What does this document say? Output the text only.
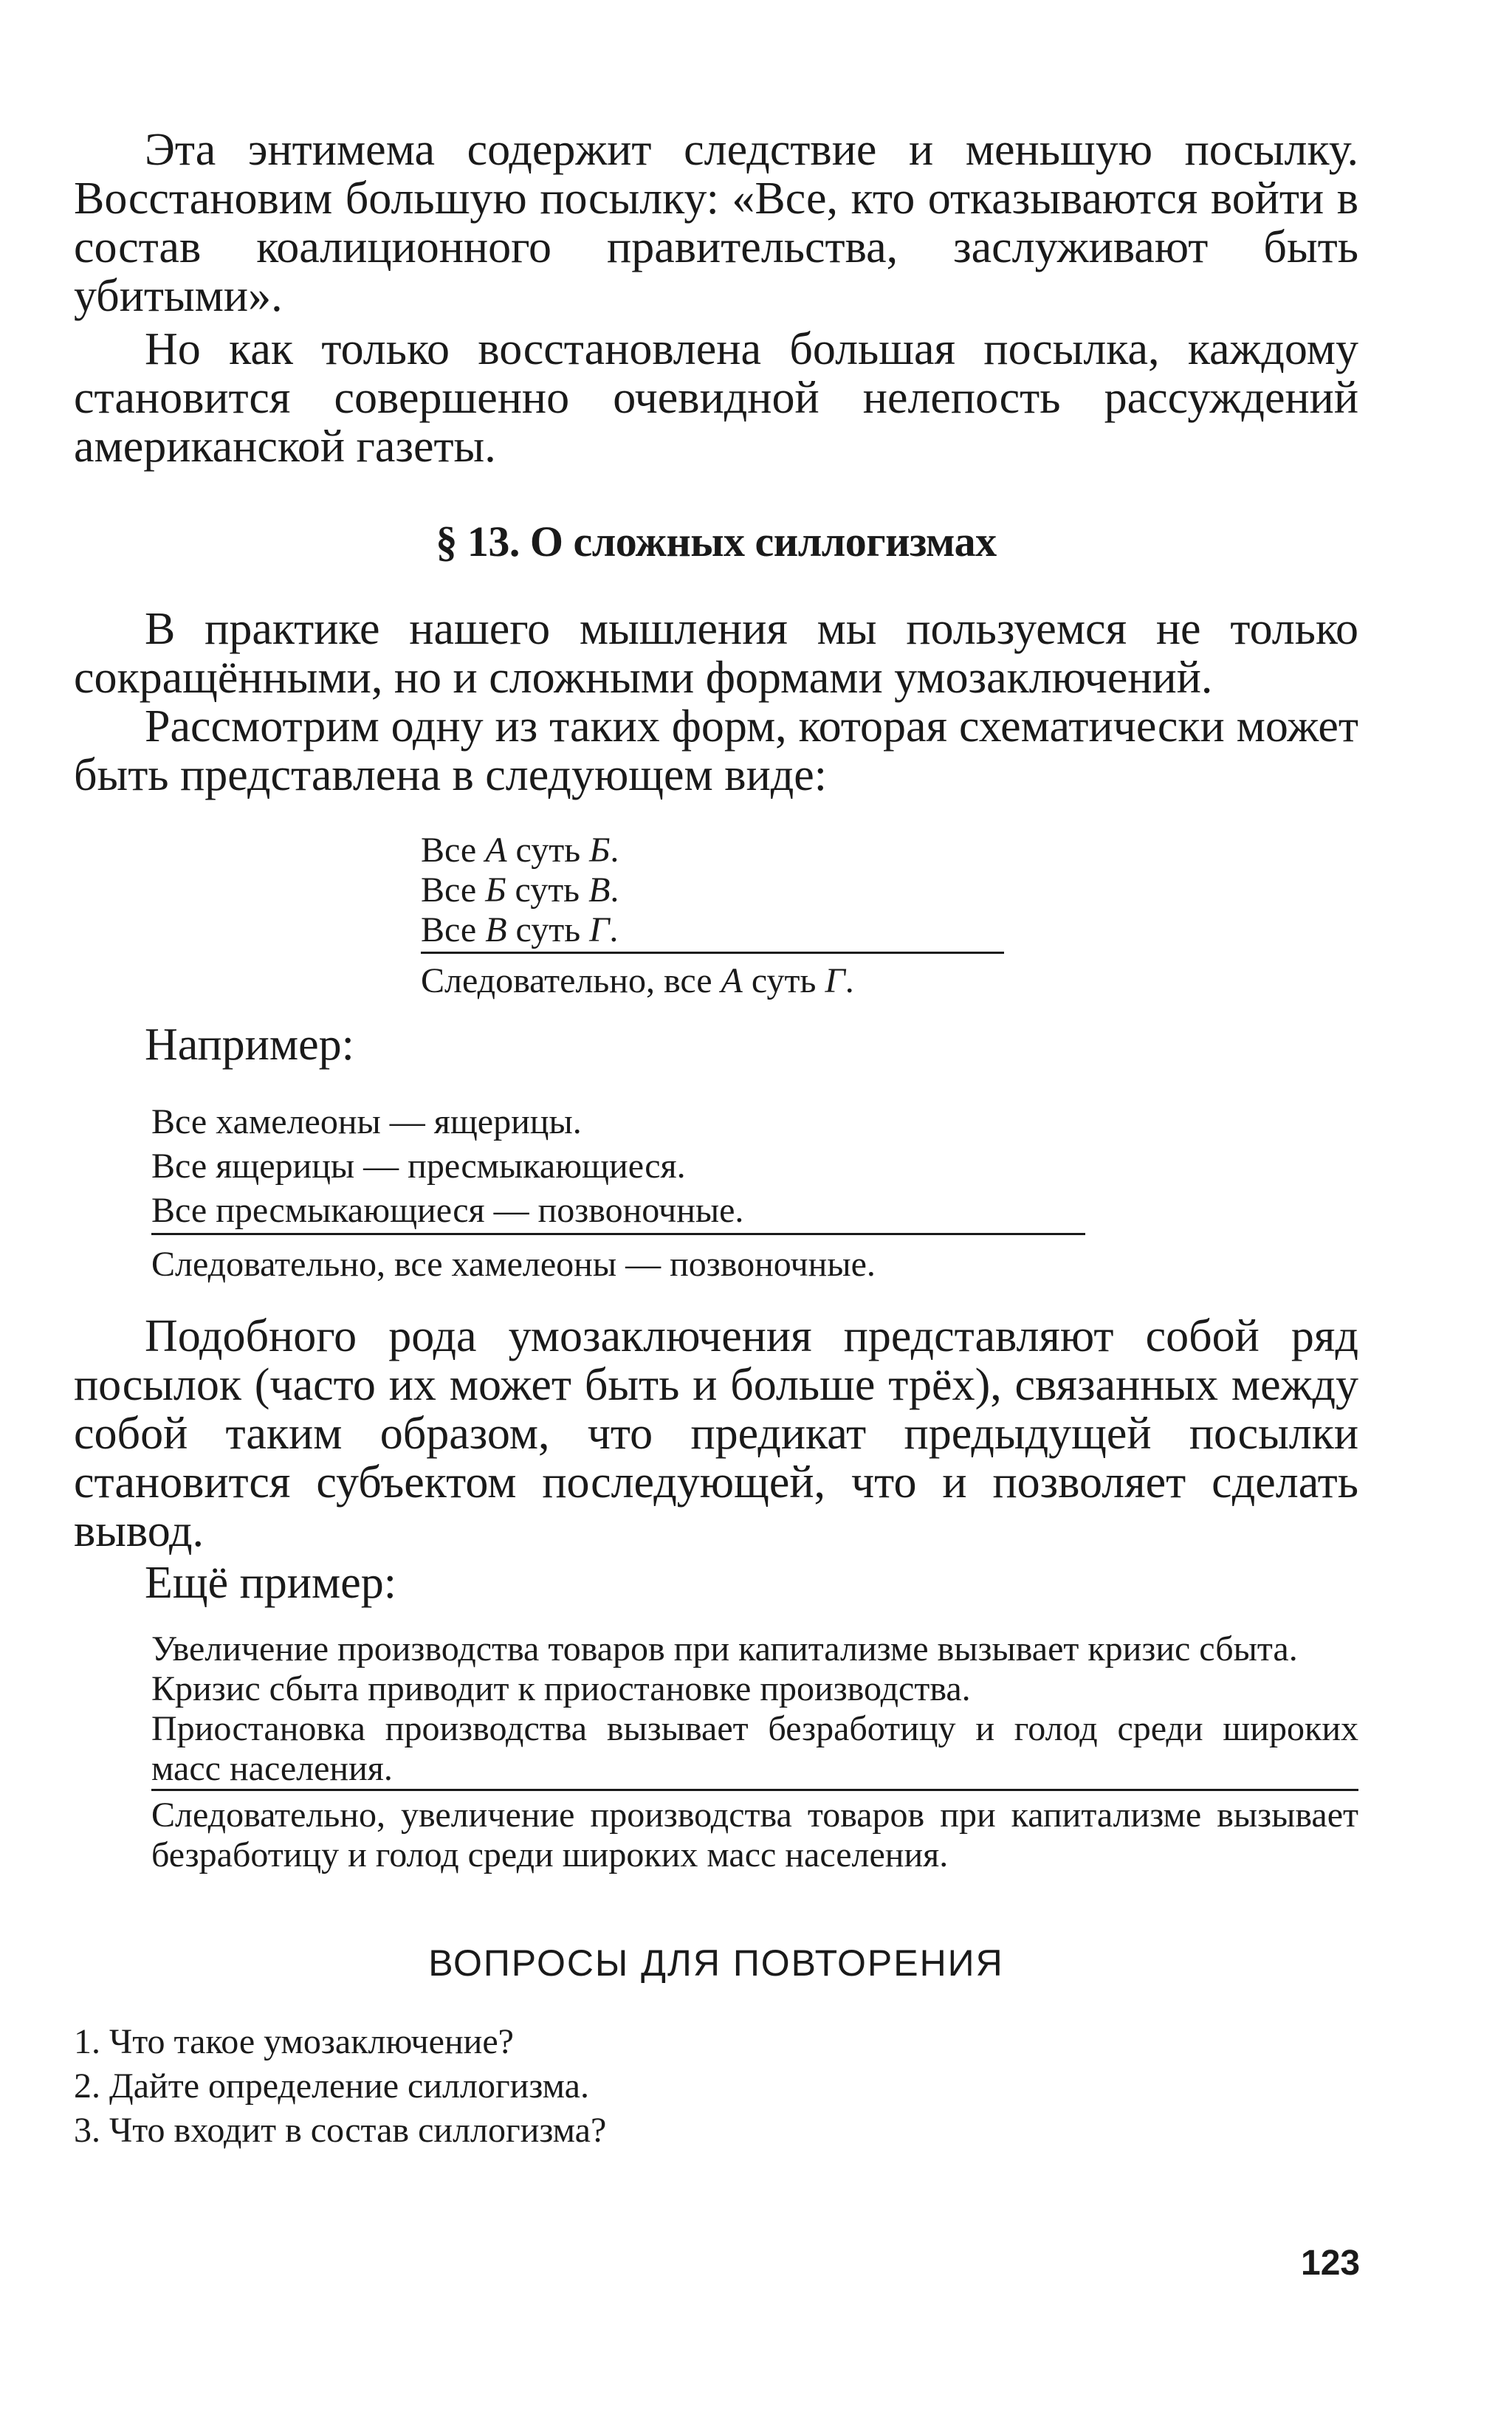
Эта энтимема содержит следствие и меньшую посылку. Восстановим большую посылку: «Все, кто отказываются войти в состав коалиционного правительства, заслуживают быть убитыми».

Но как только восстановлена большая посылка, каждому становится совершенно очевидной нелепость рассуждений американской газеты.

§ 13. О сложных силлогизмах

В практике нашего мышления мы пользуемся не только сокращёнными, но и сложными формами умозаключений.

Рассмотрим одну из таких форм, которая схематически может быть представлена в следующем виде:

Все А суть Б.
Все Б суть В.
Все В суть Г.
Следовательно, все А суть Г.
Например:
Все хамелеоны — ящерицы.
Все ящерицы — пресмыкающиеся.
Все пресмыкающиеся — позвоночные.
Следовательно, все хамелеоны — позвоночные.

Подобного рода умозаключения представляют собой ряд посылок (часто их может быть и больше трёх), связанных между собой таким образом, что предикат предыдущей посылки становится субъектом последующей, что и позволяет сделать вывод.

Ещё пример:

Увеличение производства товаров при капитализме вызывает кризис сбыта.

Кризис сбыта приводит к приостановке производства.

Приостановка производства вызывает безработицу и голод среди широких масс населения.

Следовательно, увеличение производства товаров при капитализме вызывает безработицу и голод среди широких масс населения.

ВОПРОСЫ ДЛЯ ПОВТОРЕНИЯ
1. Что такое умозаключение?
2. Дайте определение силлогизма.
3. Что входит в состав силлогизма?
123
